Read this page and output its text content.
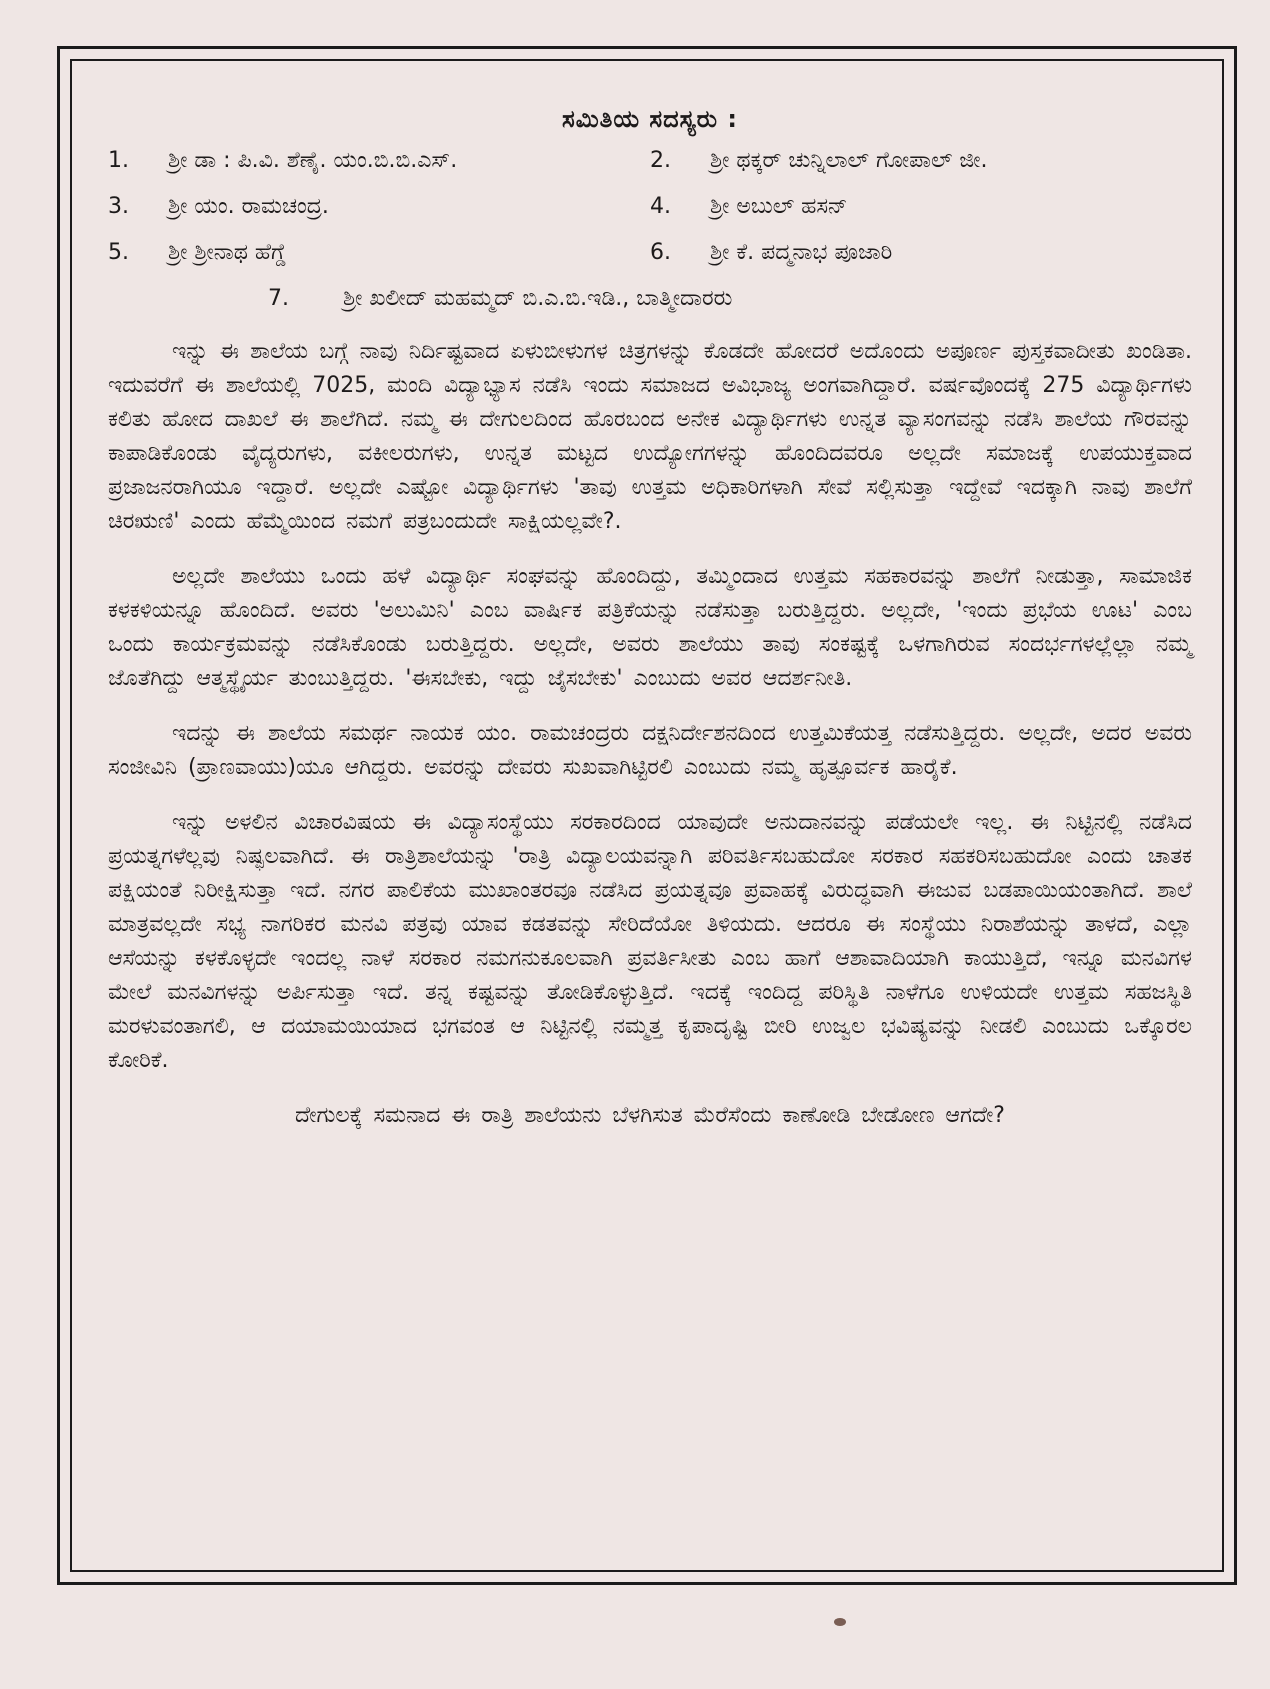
ಸಮಿತಿಯ ಸದಸ್ಯರು :
1.	ಶ್ರೀ ಡಾ : ಪಿ.ವಿ. ಶೆಣೈ. ಯಂ.ಬಿ.ಬಿ.ಎಸ್.	2.	ಶ್ರೀ ಥಕ್ಕರ್ ಚುನ್ನಿಲಾಲ್ ಗೋಪಾಲ್ ಜೀ.
3.	ಶ್ರೀ ಯಂ. ರಾಮಚಂದ್ರ.	4.	ಶ್ರೀ ಅಬುಲ್ ಹಸನ್
5.	ಶ್ರೀ ಶ್ರೀನಾಥ ಹೆಗ್ಡೆ	6.	ಶ್ರೀ ಕೆ. ಪದ್ಮನಾಭ ಪೂಜಾರಿ
7.	ಶ್ರೀ ಖಲೀದ್ ಮಹಮ್ಮದ್ ಬಿ.ಎ.ಬಿ.ಇಡಿ., ಬಾತ್ಮೀದಾರರು

ಇನ್ನು ಈ ಶಾಲೆಯ ಬಗ್ಗೆ ನಾವು ನಿರ್ದಿಷ್ಟವಾದ ಏಳುಬೀಳುಗಳ ಚಿತ್ರಗಳನ್ನು ಕೊಡದೇ ಹೋದರೆ ಅದೊಂದು ಅಪೂರ್ಣ ಪುಸ್ತಕವಾದೀತು ಖಂಡಿತಾ. ಇದುವರೆಗೆ ಈ ಶಾಲೆಯಲ್ಲಿ 7025, ಮಂದಿ ವಿದ್ಯಾಭ್ಯಾಸ ನಡೆಸಿ ಇಂದು ಸಮಾಜದ ಅವಿಭಾಜ್ಯ ಅಂಗವಾಗಿದ್ದಾರೆ. ವರ್ಷವೊಂದಕ್ಕೆ 275 ವಿದ್ಯಾರ್ಥಿಗಳು ಕಲಿತು ಹೋದ ದಾಖಲೆ ಈ ಶಾಲೆಗಿದೆ. ನಮ್ಮ ಈ ದೇಗುಲದಿಂದ ಹೊರಬಂದ ಅನೇಕ ವಿದ್ಯಾರ್ಥಿಗಳು ಉನ್ನತ ವ್ಯಾಸಂಗವನ್ನು ನಡೆಸಿ ಶಾಲೆಯ ಗೌರವನ್ನು ಕಾಪಾಡಿಕೊಂಡು ವೈದ್ಯರುಗಳು, ವಕೀಲರುಗಳು, ಉನ್ನತ ಮಟ್ಟದ ಉದ್ಯೋಗಗಳನ್ನು ಹೊಂದಿದವರೂ ಅಲ್ಲದೇ ಸಮಾಜಕ್ಕೆ ಉಪಯುಕ್ತವಾದ ಪ್ರಜಾಜನರಾಗಿಯೂ ಇದ್ದಾರೆ. ಅಲ್ಲದೇ ಎಷ್ಟೋ ವಿದ್ಯಾರ್ಥಿಗಳು 'ತಾವು ಉತ್ತಮ ಅಧಿಕಾರಿಗಳಾಗಿ ಸೇವೆ ಸಲ್ಲಿಸುತ್ತಾ ಇದ್ದೇವೆ ಇದಕ್ಕಾಗಿ ನಾವು ಶಾಲೆಗೆ ಚಿರಋಣಿ' ಎಂದು ಹೆಮ್ಮೆಯಿಂದ ನಮಗೆ ಪತ್ರಬಂದುದೇ ಸಾಕ್ಷಿಯಲ್ಲವೇ?.

ಅಲ್ಲದೇ ಶಾಲೆಯು ಒಂದು ಹಳೆ ವಿದ್ಯಾರ್ಥಿ ಸಂಘವನ್ನು ಹೊಂದಿದ್ದು, ತಮ್ಮಿಂದಾದ ಉತ್ತಮ ಸಹಕಾರವನ್ನು ಶಾಲೆಗೆ ನೀಡುತ್ತಾ, ಸಾಮಾಜಿಕ ಕಳಕಳಿಯನ್ನೂ ಹೊಂದಿದೆ. ಅವರು 'ಅಲುಮಿನಿ' ಎಂಬ ವಾರ್ಷಿಕ ಪತ್ರಿಕೆಯನ್ನು ನಡೆಸುತ್ತಾ ಬರುತ್ತಿದ್ದರು. ಅಲ್ಲದೇ, 'ಇಂದು ಪ್ರಭೆಯ ಊಟ' ಎಂಬ ಒಂದು ಕಾರ್ಯಕ್ರಮವನ್ನು ನಡೆಸಿಕೊಂಡು ಬರುತ್ತಿದ್ದರು. ಅಲ್ಲದೇ, ಅವರು ಶಾಲೆಯು ತಾವು ಸಂಕಷ್ಟಕ್ಕೆ ಒಳಗಾಗಿರುವ ಸಂದರ್ಭಗಳಲ್ಲೆಲ್ಲಾ ನಮ್ಮ ಜೊತೆಗಿದ್ದು ಆತ್ಮಸ್ಥೈರ್ಯ ತುಂಬುತ್ತಿದ್ದರು. 'ಈಸಬೇಕು, ಇದ್ದು ಜೈಸಬೇಕು' ಎಂಬುದು ಅವರ ಆದರ್ಶನೀತಿ.

ಇದನ್ನು ಈ ಶಾಲೆಯ ಸಮರ್ಥ ನಾಯಕ ಯಂ. ರಾಮಚಂದ್ರರು ದಕ್ಷನಿರ್ದೇಶನದಿಂದ ಉತ್ತಮಿಕೆಯತ್ತ ನಡೆಸುತ್ತಿದ್ದರು. ಅಲ್ಲದೇ, ಅದರ ಅವರು ಸಂಜೀವಿನಿ (ಪ್ರಾಣವಾಯು)ಯೂ ಆಗಿದ್ದರು. ಅವರನ್ನು ದೇವರು ಸುಖವಾಗಿಟ್ಟಿರಲಿ ಎಂಬುದು ನಮ್ಮ ಹೃತ್ಪೂರ್ವಕ ಹಾರೈಕೆ.

ಇನ್ನು ಅಳಲಿನ ವಿಚಾರವಿಷಯ ಈ ವಿದ್ಯಾಸಂಸ್ಥೆಯು ಸರಕಾರದಿಂದ ಯಾವುದೇ ಅನುದಾನವನ್ನು ಪಡೆಯಲೇ ಇಲ್ಲ. ಈ ನಿಟ್ಟಿನಲ್ಲಿ ನಡೆಸಿದ ಪ್ರಯತ್ನಗಳೆಲ್ಲವು ನಿಷ್ಫಲವಾಗಿದೆ. ಈ ರಾತ್ರಿಶಾಲೆಯನ್ನು 'ರಾತ್ರಿ ವಿದ್ಯಾಲಯವನ್ನಾಗಿ ಪರಿವರ್ತಿಸಬಹುದೋ ಸರಕಾರ ಸಹಕರಿಸಬಹುದೋ ಎಂದು ಚಾತಕ ಪಕ್ಷಿಯಂತೆ ನಿರೀಕ್ಷಿಸುತ್ತಾ ಇದೆ. ನಗರ ಪಾಲಿಕೆಯ ಮುಖಾಂತರವೂ ನಡೆಸಿದ ಪ್ರಯತ್ನವೂ ಪ್ರವಾಹಕ್ಕೆ ವಿರುದ್ಧವಾಗಿ ಈಜುವ ಬಡಪಾಯಿಯಂತಾಗಿದೆ. ಶಾಲೆ ಮಾತ್ರವಲ್ಲದೇ ಸಭ್ಯ ನಾಗರಿಕರ ಮನವಿ ಪತ್ರವು ಯಾವ ಕಡತವನ್ನು ಸೇರಿದೆಯೋ ತಿಳಿಯದು. ಆದರೂ ಈ ಸಂಸ್ಥೆಯು ನಿರಾಶೆಯನ್ನು ತಾಳದೆ, ಎಲ್ಲಾ ಆಸೆಯನ್ನು ಕಳಕೊಳ್ಳದೇ ಇಂದಲ್ಲ ನಾಳೆ ಸರಕಾರ ನಮಗನುಕೂಲವಾಗಿ ಪ್ರವರ್ತಿಸೀತು ಎಂಬ ಹಾಗೆ ಆಶಾವಾದಿಯಾಗಿ ಕಾಯುತ್ತಿದೆ, ಇನ್ನೂ ಮನವಿಗಳ ಮೇಲೆ ಮನವಿಗಳನ್ನು ಅರ್ಪಿಸುತ್ತಾ ಇದೆ. ತನ್ನ ಕಷ್ಟವನ್ನು ತೋಡಿಕೊಳ್ಳುತ್ತಿದೆ. ಇದಕ್ಕೆ ಇಂದಿದ್ದ ಪರಿಸ್ಥಿತಿ ನಾಳೆಗೂ ಉಳಿಯದೇ ಉತ್ತಮ ಸಹಜಸ್ಥಿತಿ ಮರಳುವಂತಾಗಲಿ, ಆ ದಯಾಮಯಿಯಾದ ಭಗವಂತ ಆ ನಿಟ್ಟಿನಲ್ಲಿ ನಮ್ಮತ್ತ ಕೃಪಾದೃಷ್ಟಿ ಬೀರಿ ಉಜ್ವಲ ಭವಿಷ್ಯವನ್ನು ನೀಡಲಿ ಎಂಬುದು ಒಕ್ಕೊರಲ ಕೋರಿಕೆ.

ದೇಗುಲಕ್ಕೆ ಸಮನಾದ ಈ ರಾತ್ರಿ ಶಾಲೆಯನು ಬೆಳಗಿಸುತ ಮೆರೆಸೆಂದು ಕಾಣೋಡಿ ಬೇಡೋಣ ಆಗದೇ?
